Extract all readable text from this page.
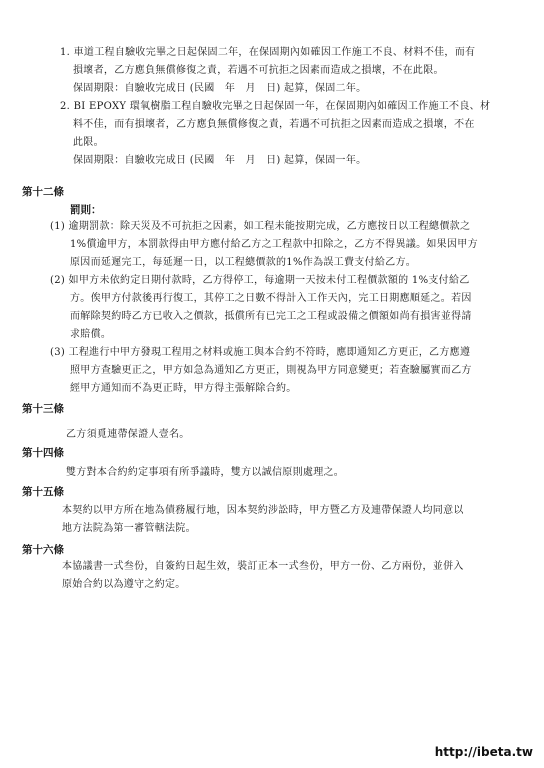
1. 車道工程自驗收完畢之日起保固二年，在保固期內如確因工作施工不良、材料不佳，而有
損壞者，乙方應負無償修復之責，若遇不可抗拒之因素而造成之損壞，不在此限。
保固期限：自驗收完成日 (民國　年　月　日) 起算，保固二年。
2. BI EPOXY 環氧樹脂工程自驗收完畢之日起保固一年，在保固期內如確因工作施工不良、材
料不佳，而有損壞者，乙方應負無償修復之責，若遇不可抗拒之因素而造成之損壞，不在
此限。
保固期限：自驗收完成日 (民國　年　月　日) 起算，保固一年。
第十二條
罰則：
(1) 逾期罰款：除天災及不可抗拒之因素，如工程未能按期完成，乙方應按日以工程總價款之
1%償逾甲方，本罰款得由甲方應付給乙方之工程款中扣除之，乙方不得異議。如果因甲方
原因而延遲完工，每延遲一日，以工程總價款的1%作為誤工費支付給乙方。
(2) 如甲方未依約定日期付款時，乙方得停工，每逾期一天按未付工程價款額的 1%支付給乙
方。俟甲方付款後再行復工，其停工之日數不得計入工作天內，完工日期應順延之。若因
而解除契約時乙方已收入之價款，抵償所有已完工之工程或設備之價額如尚有損害並得請
求賠償。
(3) 工程進行中甲方發現工程用之材料或施工與本合約不符時，應即通知乙方更正，乙方應遵
照甲方查驗更正之，甲方如急為通知乙方更正，則視為甲方同意變更；若查驗屬實而乙方
經甲方通知而不為更正時，甲方得主張解除合約。
第十三條
乙方須覓連帶保證人壹名。
第十四條
雙方對本合約約定事項有所爭議時，雙方以誠信原則處理之。
第十五條
本契約以甲方所在地為債務履行地，因本契約涉訟時，甲方暨乙方及連帶保證人均同意以
地方法院為第一審管轄法院。
第十六條
本協議書一式叁份，自簽約日起生效，裝訂正本一式叁份，甲方一份、乙方兩份，並併入
原始合約以為遵守之約定。
http://ibeta.tw
